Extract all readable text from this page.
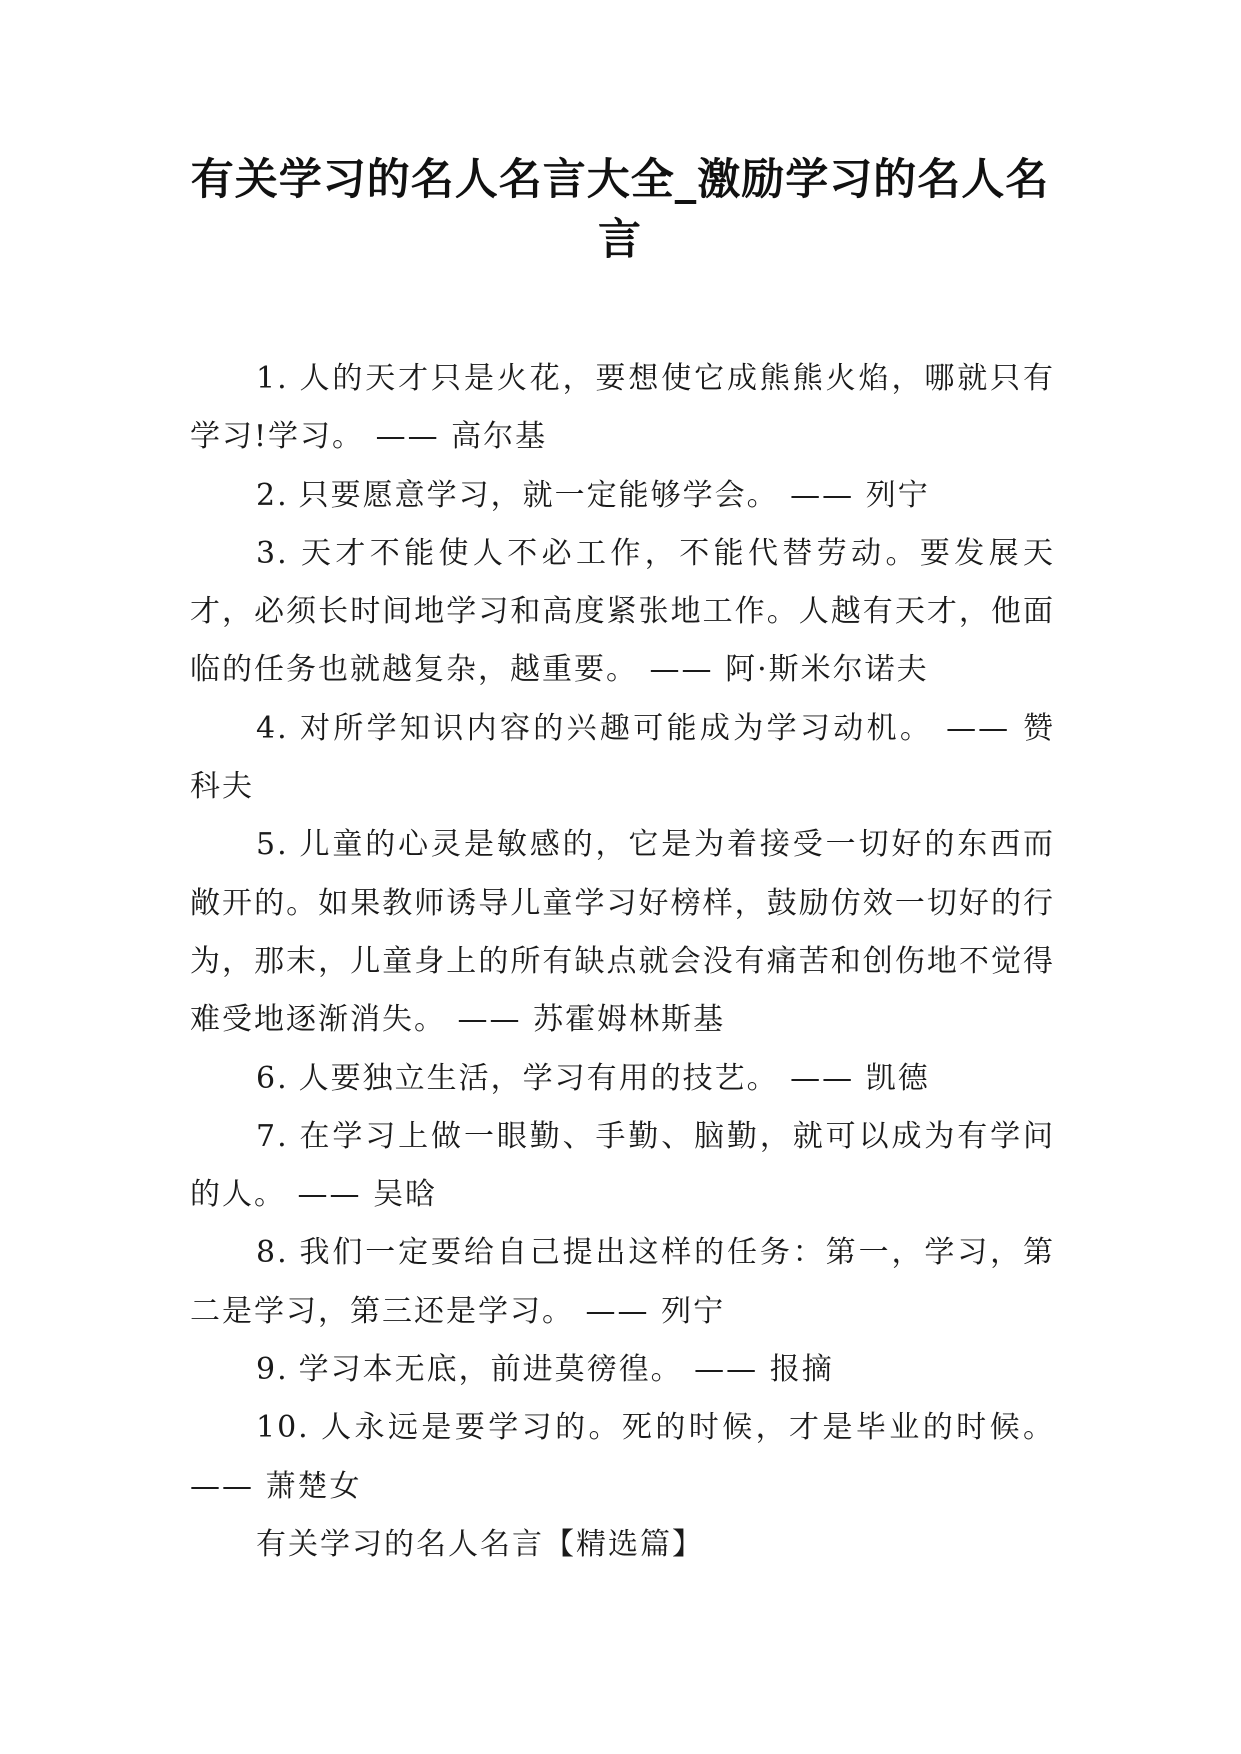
有关学习的名人名言大全_激励学习的名人名言

1. 人的天才只是火花，要想使它成熊熊火焰，哪就只有学习!学习。 —— 高尔基

2. 只要愿意学习，就一定能够学会。 —— 列宁

3. 天才不能使人不必工作，不能代替劳动。要发展天才，必须长时间地学习和高度紧张地工作。人越有天才，他面临的任务也就越复杂，越重要。 —— 阿·斯米尔诺夫

4. 对所学知识内容的兴趣可能成为学习动机。 —— 赞科夫

5. 儿童的心灵是敏感的，它是为着接受一切好的东西而敞开的。如果教师诱导儿童学习好榜样，鼓励仿效一切好的行为，那末，儿童身上的所有缺点就会没有痛苦和创伤地不觉得难受地逐渐消失。 —— 苏霍姆林斯基

6. 人要独立生活，学习有用的技艺。 —— 凯德

7. 在学习上做一眼勤、手勤、脑勤，就可以成为有学问的人。 —— 吴晗

8. 我们一定要给自己提出这样的任务：第一，学习，第二是学习，第三还是学习。 —— 列宁

9. 学习本无底，前进莫徬徨。 —— 报摘

10. 人永远是要学习的。死的时候，才是毕业的时候。 —— 萧楚女

有关学习的名人名言【精选篇】
